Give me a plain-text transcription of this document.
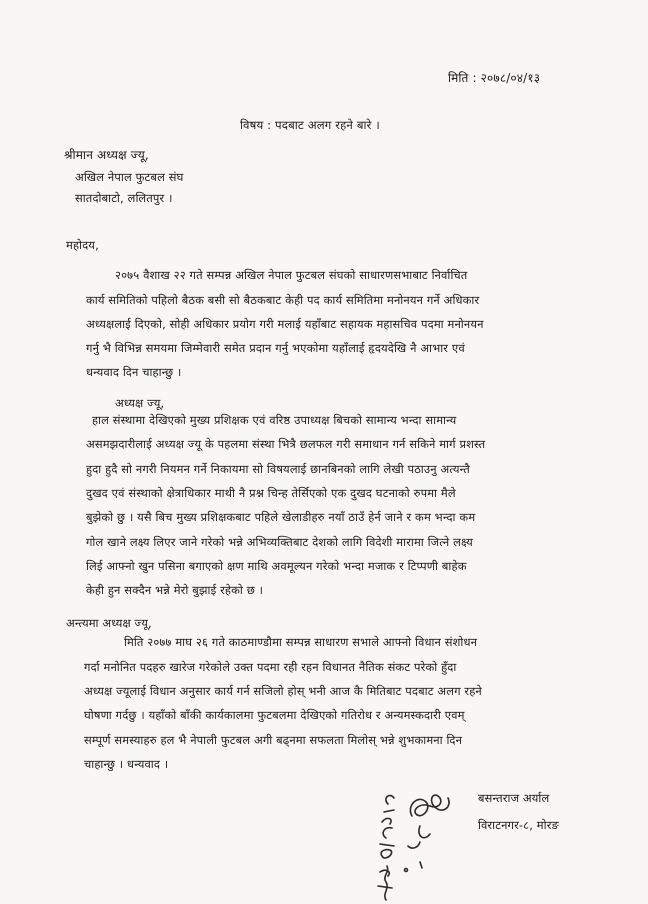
मिति : २०७८/०४/१३
विषय : पदबाट अलग रहने बारे ।
श्रीमान अध्यक्ष ज्यू,
अखिल नेपाल फुटबल संघ
सातदोबाटो, ललितपुर ।
महोदय,
२०७५ वैशाख २२ गते सम्पन्न अखिल नेपाल फुटबल संघको साधारणसभाबाट निर्वाचित
कार्य समितिको पहिलो बैठक बसी सो बैठकबाट केही पद कार्य समितिमा मनोनयन गर्ने अधिकार
अध्यक्षलाई दिएको, सोही अधिकार प्रयोग गरी मलाई यहाँबाट सहायक महासचिव पदमा मनोनयन
गर्नु भै विभिन्न समयमा जिम्मेवारी समेत प्रदान गर्नु भएकोमा यहाँलाई हृदयदेखि नै आभार एवं
धन्यवाद दिन चाहान्छु ।
अध्यक्ष ज्यू,
हाल संस्थामा देखिएको मुख्य प्रशिक्षक एवं वरिष्ठ उपाध्यक्ष बिचको सामान्य भन्दा सामान्य
असमझदारीलाई अध्यक्ष ज्यू के पहलमा संस्था भित्रै छलफल गरी समाधान गर्न सकिने मार्ग प्रशस्त
हुदा हुदै सो नगरी नियमन गर्ने निकायमा सो विषयलाई छानबिनको लागि लेखी पठाउनु अत्यन्तै
दुखद एवं संस्थाको क्षेत्राधिकार माथी नै प्रश्न चिन्ह तेर्सिएको एक दुखद घटनाको रुपमा मैले
बुझेको छु । यसै बिच मुख्य प्रशिक्षकबाट पहिले खेलाडीहरु नयाँ ठाउँ हेर्न जाने र कम भन्दा कम
गोल खाने लक्ष्य लिएर जाने गरेको भन्ने अभिव्यक्तिबाट देशको लागि विदेशी मारामा जित्ने लक्ष्य
लिई आफ्नो खुन पसिना बगाएको क्षण माथि अवमूल्यन गरेको भन्दा मजाक र टिप्पणी बाहेक
केही हुन सक्दैन भन्ने मेरो बुझाई रहेको छ ।
अन्त्यमा अध्यक्ष ज्यू,
मिति २०७७ माघ २६ गते काठमाण्डौमा सम्पन्न साधारण सभाले आफ्नो विधान संशोधन
गर्दा मनोनित पदहरु खारेज गरेकोले उक्त पदमा रही रहन विधानत नैतिक संकट परेको हुँदा
अध्यक्ष ज्यूलाई विधान अनुसार कार्य गर्न सजिलो होस् भनी आज कै मितिबाट पदबाट अलग रहने
घोषणा गर्दछु । यहाँको बाँकी कार्यकालमा फुटबलमा देखिएको गतिरोध र अन्यमस्कदारी एवम्
सम्पूर्ण समस्याहरु हल भै नेपाली फुटबल अगी बढ्नमा सफलता मिलोस् भन्ने शुभकामना दिन
चाहान्छु । धन्यवाद ।
बसन्तराज अर्याल
विराटनगर-८, मोरङ
